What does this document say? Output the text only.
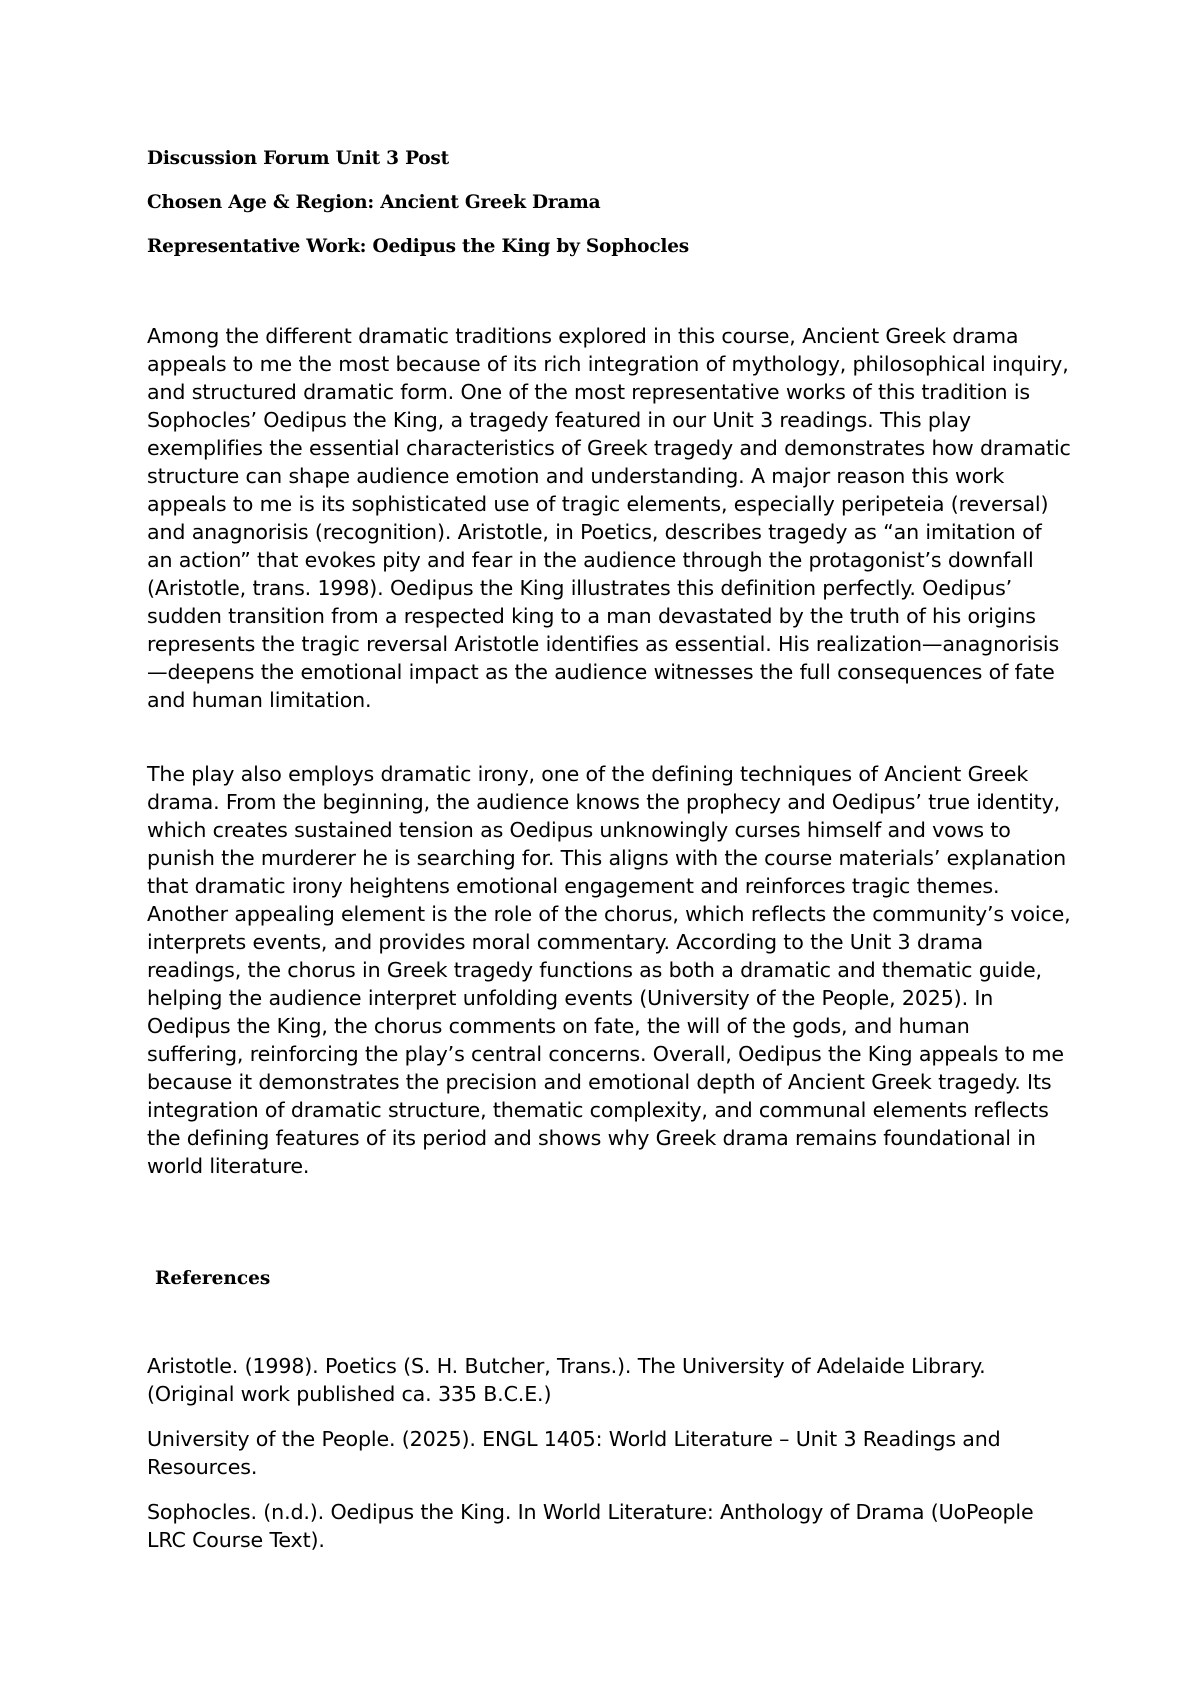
Discussion Forum Unit 3 Post
Chosen Age & Region: Ancient Greek Drama
Representative Work: Oedipus the King by Sophocles

Among the different dramatic traditions explored in this course, Ancient Greek drama appeals to me the most because of its rich integration of mythology, philosophical inquiry, and structured dramatic form. One of the most representative works of this tradition is Sophocles’ Oedipus the King, a tragedy featured in our Unit 3 readings. This play exemplifies the essential characteristics of Greek tragedy and demonstrates how dramatic structure can shape audience emotion and understanding. A major reason this work appeals to me is its sophisticated use of tragic elements, especially peripeteia (reversal) and anagnorisis (recognition). Aristotle, in Poetics, describes tragedy as “an imitation of an action” that evokes pity and fear in the audience through the protagonist’s downfall (Aristotle, trans. 1998). Oedipus the King illustrates this definition perfectly. Oedipus’ sudden transition from a respected king to a man devastated by the truth of his origins represents the tragic reversal Aristotle identifies as essential. His realization—anagnorisis—deepens the emotional impact as the audience witnesses the full consequences of fate and human limitation.

The play also employs dramatic irony, one of the defining techniques of Ancient Greek drama. From the beginning, the audience knows the prophecy and Oedipus’ true identity, which creates sustained tension as Oedipus unknowingly curses himself and vows to punish the murderer he is searching for. This aligns with the course materials’ explanation that dramatic irony heightens emotional engagement and reinforces tragic themes. Another appealing element is the role of the chorus, which reflects the community’s voice, interprets events, and provides moral commentary. According to the Unit 3 drama readings, the chorus in Greek tragedy functions as both a dramatic and thematic guide, helping the audience interpret unfolding events (University of the People, 2025). In Oedipus the King, the chorus comments on fate, the will of the gods, and human suffering, reinforcing the play’s central concerns. Overall, Oedipus the King appeals to me because it demonstrates the precision and emotional depth of Ancient Greek tragedy. Its integration of dramatic structure, thematic complexity, and communal elements reflects the defining features of its period and shows why Greek drama remains foundational in world literature.

References

Aristotle. (1998). Poetics (S. H. Butcher, Trans.). The University of Adelaide Library. (Original work published ca. 335 B.C.E.)

University of the People. (2025). ENGL 1405: World Literature – Unit 3 Readings and Resources.

Sophocles. (n.d.). Oedipus the King. In World Literature: Anthology of Drama (UoPeople LRC Course Text).
